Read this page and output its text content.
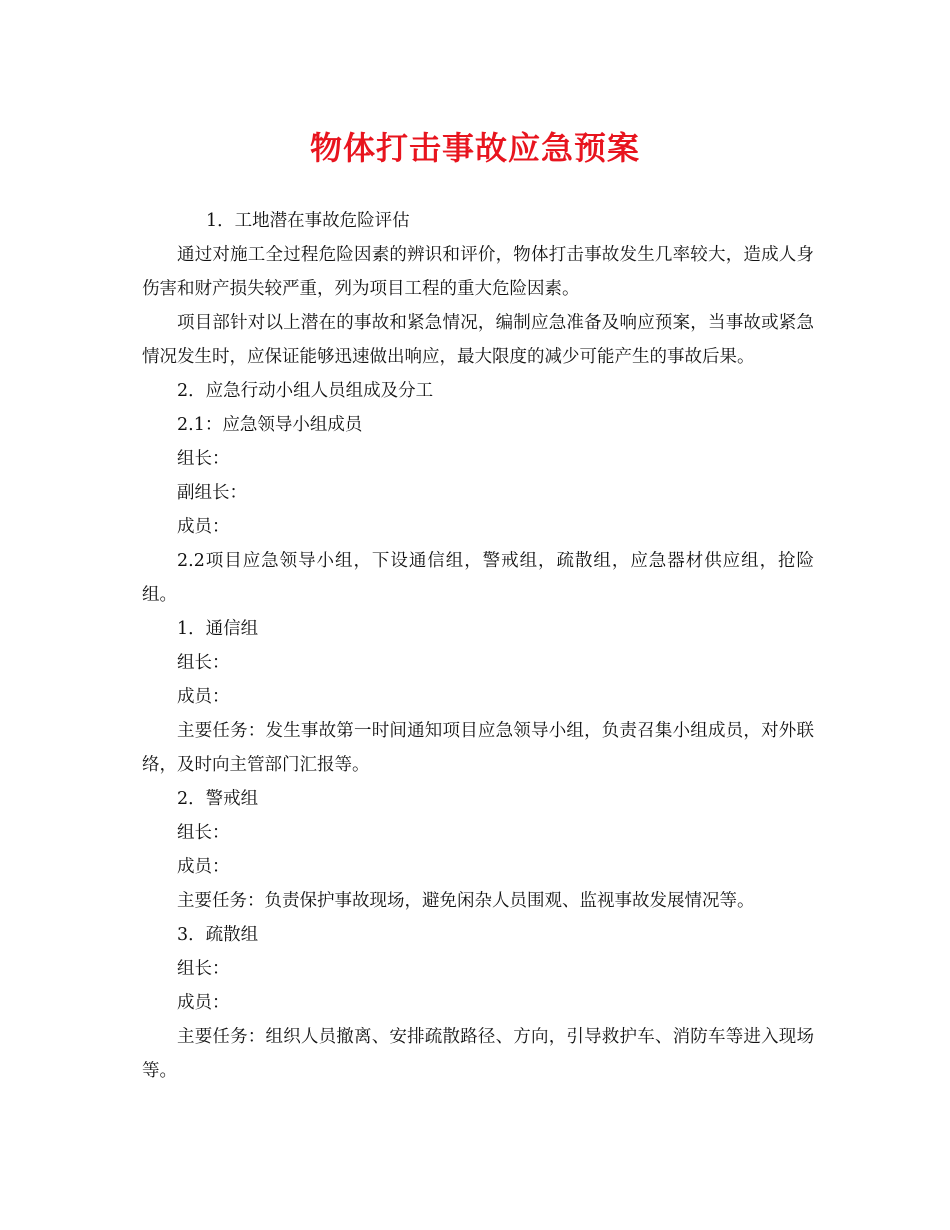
物体打击事故应急预案

1．工地潜在事故危险评估

通过对施工全过程危险因素的辨识和评价，物体打击事故发生几率较大，造成人身伤害和财产损失较严重，列为项目工程的重大危险因素。

项目部针对以上潜在的事故和紧急情况，编制应急准备及响应预案，当事故或紧急情况发生时，应保证能够迅速做出响应，最大限度的减少可能产生的事故后果。

2．应急行动小组人员组成及分工

2.1：应急领导小组成员

组长：

副组长：

成员：

2.2项目应急领导小组，下设通信组，警戒组，疏散组，应急器材供应组，抢险组。

1．通信组

组长：

成员：

主要任务：发生事故第一时间通知项目应急领导小组，负责召集小组成员，对外联络，及时向主管部门汇报等。

2．警戒组

组长：

成员：

主要任务：负责保护事故现场，避免闲杂人员围观、监视事故发展情况等。

3．疏散组

组长：

成员：

主要任务：组织人员撤离、安排疏散路径、方向，引导救护车、消防车等进入现场等。
